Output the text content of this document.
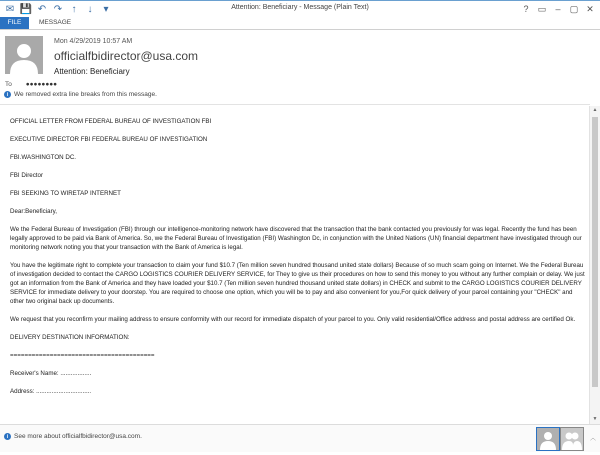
✉ 💾 ↶ ↷ ↑	↓	▾	Attention: Beneficiary - Message (Plain Text)	?	▭	–	▢ ✕
FILE	MESSAGE
Mon 4/29/2019 10:57 AM
officialfbidirector@usa.com
Attention: Beneficiary
To ●●●●●●●●
i We removed extra line breaks from this message.

OFFICIAL LETTER FROM FEDERAL BUREAU OF INVESTIGATION FBI

EXECUTIVE DIRECTOR FBI FEDERAL BUREAU OF INVESTIGATION

FBI.WASHINGTON DC.

FBI Director

FBI SEEKING TO WIRETAP INTERNET

Dear:Beneficiary,

We the Federal Bureau of Investigation (FBI) through our intelligence-monitoring network have discovered that the transaction that the bank contacted you previously for was legal. Recently the fund has been legally approved to be paid via Bank of America. So, we the Federal Bureau of Investigation (FBI) Washington Dc, in conjunction with the United Nations (UN) financial department have investigated through our monitoring network noting you that your transaction with the Bank of America is legal.

You have the legitimate right to complete your transaction to claim your fund $10.7 (Ten million seven hundred thousand united state dollars) Because of so much scam going on Internet. We the Federal Bureau of investigation decided to contact the CARGO LOGISTICS COURIER DELIVERY SERVICE, for They to give us their procedures on how to send this money to you without any further complain or delay. We just got an information from the Bank of America and they have loaded your $10.7 (Ten million seven hundred thousand united state dollars) in CHECK and submit to the CARGO LOGISTICS COURIER DELIVERY SERVICE for immediate delivery to your doorstep. You are required to choose one option, which you will be to pay and also convenient for you,For quick delivery of your parcel containing your "CHECK" and other two original back up documents.

We request that you reconfirm your mailing address to ensure conformity with our record for immediate dispatch of your parcel to you. Only valid residential/Office address and postal address are certified Ok.

DELIVERY DESTINATION INFORMATION:

========================================

Receiver's Name: ..................

Address: ................................

▲
▼
i See more about officialfbidirector@usa.com.	︿
